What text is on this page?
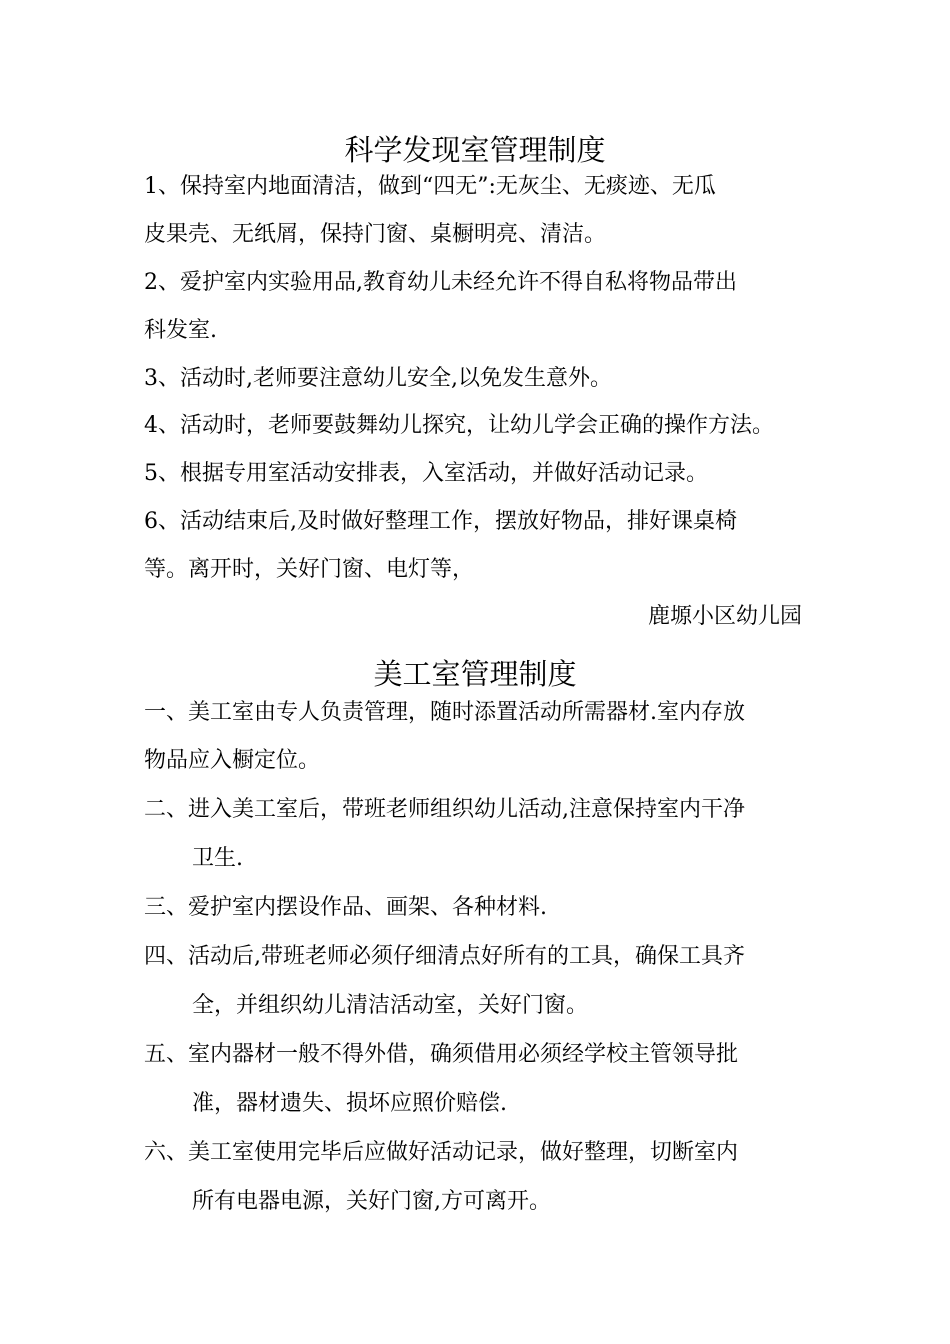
科学发现室管理制度

1、保持室内地面清洁，做到“四无”:无灰尘、无痰迹、无瓜

皮果壳、无纸屑，保持门窗、桌橱明亮、清洁。

2、爱护室内实验用品,教育幼儿未经允许不得自私将物品带出

科发室.

3、活动时,老师要注意幼儿安全,以免发生意外。

4、活动时，老师要鼓舞幼儿探究，让幼儿学会正确的操作方法。

5、根据专用室活动安排表，入室活动，并做好活动记录。

6、活动结束后,及时做好整理工作，摆放好物品，排好课桌椅

等。离开时，关好门窗、电灯等，

鹿塬小区幼儿园

美工室管理制度

一、美工室由专人负责管理，随时添置活动所需器材.室内存放

物品应入橱定位。

二、进入美工室后，带班老师组织幼儿活动,注意保持室内干净

卫生.

三、爱护室内摆设作品、画架、各种材料.

四、活动后,带班老师必须仔细清点好所有的工具，确保工具齐

全，并组织幼儿清洁活动室，关好门窗。

五、室内器材一般不得外借，确须借用必须经学校主管领导批

准，器材遗失、损坏应照价赔偿.

六、美工室使用完毕后应做好活动记录，做好整理，切断室内

所有电器电源，关好门窗,方可离开。
